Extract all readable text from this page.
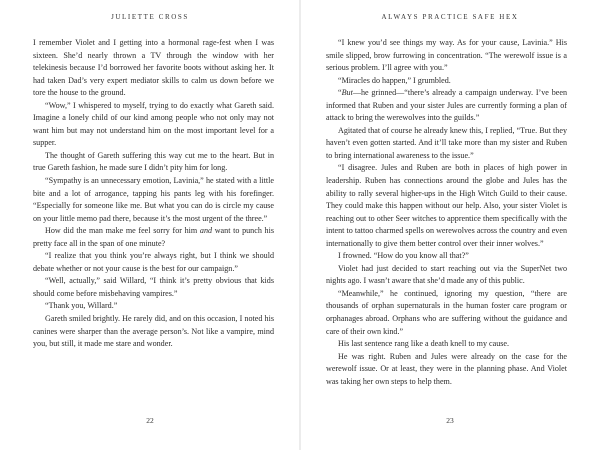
JULIETTE CROSS

I remember Violet and I getting into a hormonal rage-fest when I was sixteen. She’d nearly thrown a TV through the window with her telekinesis because I’d borrowed her favorite boots without asking her. It had taken Dad’s very expert mediator skills to calm us down before we tore the house to the ground.

“Wow,” I whispered to myself, trying to do exactly what Gareth said. Imagine a lonely child of our kind among people who not only may not want him but may not understand him on the most important level for a supper.

The thought of Gareth suffering this way cut me to the heart. But in true Gareth fashion, he made sure I didn’t pity him for long.

“Sympathy is an unnecessary emotion, Lavinia,” he stated with a little bite and a lot of arrogance, tapping his pants leg with his forefinger. “Especially for someone like me. But what you can do is circle my cause on your little memo pad there, because it’s the most urgent of the three.”

How did the man make me feel sorry for him and want to punch his pretty face all in the span of one minute?

“I realize that you think you’re always right, but I think we should debate whether or not your cause is the best for our campaign.”

“Well, actually,” said Willard, “I think it’s pretty obvious that kids should come before misbehaving vampires.”

“Thank you, Willard.”

Gareth smiled brightly. He rarely did, and on this occasion, I noted his canines were sharper than the average person’s. Not like a vampire, mind you, but still, it made me stare and wonder.

22
ALWAYS PRACTICE SAFE HEX

“I knew you’d see things my way. As for your cause, Lavinia.” His smile slipped, brow furrowing in concentration. “The werewolf issue is a serious problem. I’ll agree with you.”

“Miracles do happen,” I grumbled.

“But—he grinned—“there’s already a campaign underway. I’ve been informed that Ruben and your sister Jules are currently forming a plan of attack to bring the werewolves into the guilds.”

Agitated that of course he already knew this, I replied, “True. But they haven’t even gotten started. And it’ll take more than my sister and Ruben to bring international awareness to the issue.”

“I disagree. Jules and Ruben are both in places of high power in leadership. Ruben has connections around the globe and Jules has the ability to rally several higher-ups in the High Witch Guild to their cause. They could make this happen without our help. Also, your sister Violet is reaching out to other Seer witches to apprentice them specifically with the intent to tattoo charmed spells on werewolves across the country and even internationally to give them better control over their inner wolves.”

I frowned. “How do you know all that?”

Violet had just decided to start reaching out via the SuperNet two nights ago. I wasn’t aware that she’d made any of this public.

“Meanwhile,” he continued, ignoring my question, “there are thousands of orphan supernaturals in the human foster care program or orphanages abroad. Orphans who are suffering without the guidance and care of their own kind.”

His last sentence rang like a death knell to my cause.

He was right. Ruben and Jules were already on the case for the werewolf issue. Or at least, they were in the planning phase. And Violet was taking her own steps to help them.

23
